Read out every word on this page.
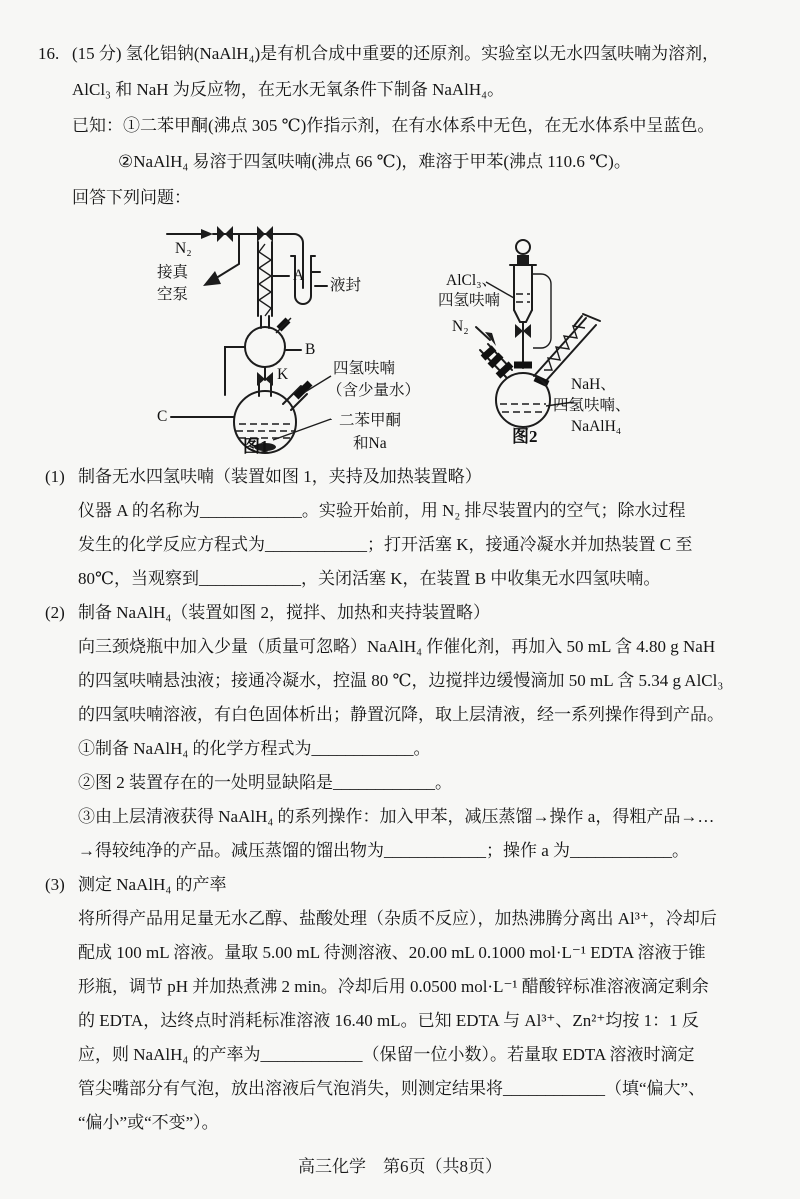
16. (15 分) 氢化铝钠(NaAlH₄)是有机合成中重要的还原剂。实验室以无水四氢呋喃为溶剂，
AlCl₃ 和 NaH 为反应物，在无水无氧条件下制备 NaAlH₄。
已知：①二苯甲酮(沸点 305 ℃)作指示剂，在有水体系中无色，在无水体系中呈蓝色。
②NaAlH₄ 易溶于四氢呋喃(沸点 66 ℃)，难溶于甲苯(沸点 110.6 ℃)。
回答下列问题：
N₂
接真
空泵
A
液封
B
K	四氢呋喃
（含少量水）
C	二苯甲酮
和Na
图1
AlCl₃、
四氢呋喃
N₂
NaH、
四氢呋喃、
NaAlH₄
图2
(1) 制备无水四氢呋喃（装置如图 1，夹持及加热装置略）
仪器 A 的名称为____________。实验开始前，用 N₂ 排尽装置内的空气；除水过程
发生的化学反应方程式为____________；打开活塞 K，接通冷凝水并加热装置 C 至
80℃，当观察到____________，关闭活塞 K，在装置 B 中收集无水四氢呋喃。
(2) 制备 NaAlH₄（装置如图 2，搅拌、加热和夹持装置略）
向三颈烧瓶中加入少量（质量可忽略）NaAlH₄ 作催化剂，再加入 50 mL 含 4.80 g NaH
的四氢呋喃悬浊液；接通冷凝水，控温 80 ℃，边搅拌边缓慢滴加 50 mL 含 5.34 g AlCl₃
的四氢呋喃溶液，有白色固体析出；静置沉降，取上层清液，经一系列操作得到产品。
①制备 NaAlH₄ 的化学方程式为____________。
②图 2 装置存在的一处明显缺陷是____________。
③由上层清液获得 NaAlH₄ 的系列操作：加入甲苯，减压蒸馏→操作 a，得粗产品→…
→得较纯净的产品。减压蒸馏的馏出物为____________；操作 a 为____________。
(3) 测定 NaAlH₄ 的产率
将所得产品用足量无水乙醇、盐酸处理（杂质不反应），加热沸腾分离出 Al³⁺，冷却后
配成 100 mL 溶液。量取 5.00 mL 待测溶液、20.00 mL 0.1000 mol·L⁻¹ EDTA 溶液于锥
形瓶，调节 pH 并加热煮沸 2 min。冷却后用 0.0500 mol·L⁻¹ 醋酸锌标准溶液滴定剩余
的 EDTA，达终点时消耗标准溶液 16.40 mL。已知 EDTA 与 Al³⁺、Zn²⁺均按 1：1 反
应，则 NaAlH₄ 的产率为____________（保留一位小数）。若量取 EDTA 溶液时滴定
管尖嘴部分有气泡，放出溶液后气泡消失，则测定结果将____________（填“偏大”、
“偏小”或“不变”）。
高三化学　第6页（共8页）
